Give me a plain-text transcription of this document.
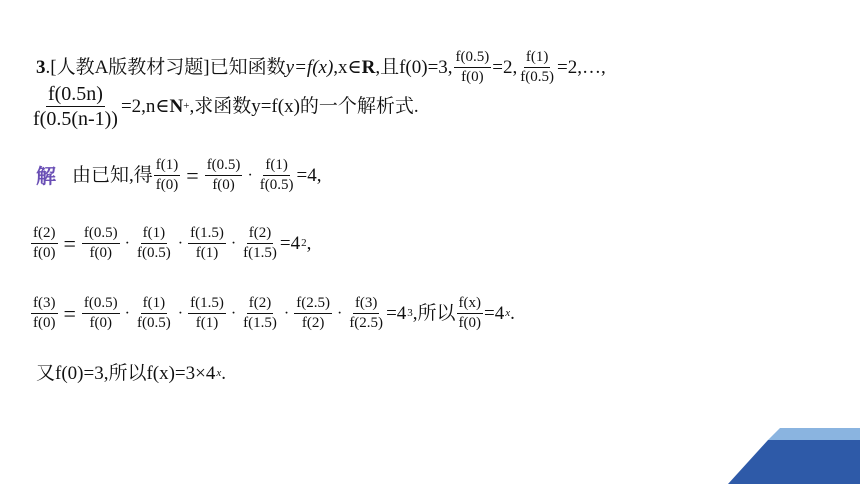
3 .[人教A版教材习题] 已知函数 y=f(x) ,x∈ R ,且f(0)=3, $\frac{f(0.5)}{f(0)} =2$, $\frac{f(1)}{f(0.5)}$ =2,…,
$\frac{f(0.5n)}{f(0.5(n-1))}$ =2,n∈ N + ,求函数y=f(x)的一个解析式.
解 由已知,得 $\frac{f(1)}{f(0)} = \frac{f(0.5)}{f(0)} \cdot \frac{f(1)}{f(0.5)} =4$,
$\frac{f(2)}{f(0)} = \frac{f(0.5)}{f(0)} \cdot \frac{f(1)}{f(0.5)} \cdot \frac{f(1.5)}{f(1)} \cdot \frac{f(2)}{f(1.5)} =4$ 2 ,
$\frac{f(3)}{f(0)} = \frac{f(0.5)}{f(0)} \cdot \frac{f(1)}{f(0.5)} \cdot \frac{f(1.5)}{f(1)} \cdot \frac{f(2)}{f(1.5)} \cdot \frac{f(2.5)}{f(2)} \cdot \frac{f(3)}{f(2.5)} =4$ 3 ,所以 $\frac{f(x)}{f(0)} =4$ x .
又f(0)=3,所以f(x)=3×4 x .
